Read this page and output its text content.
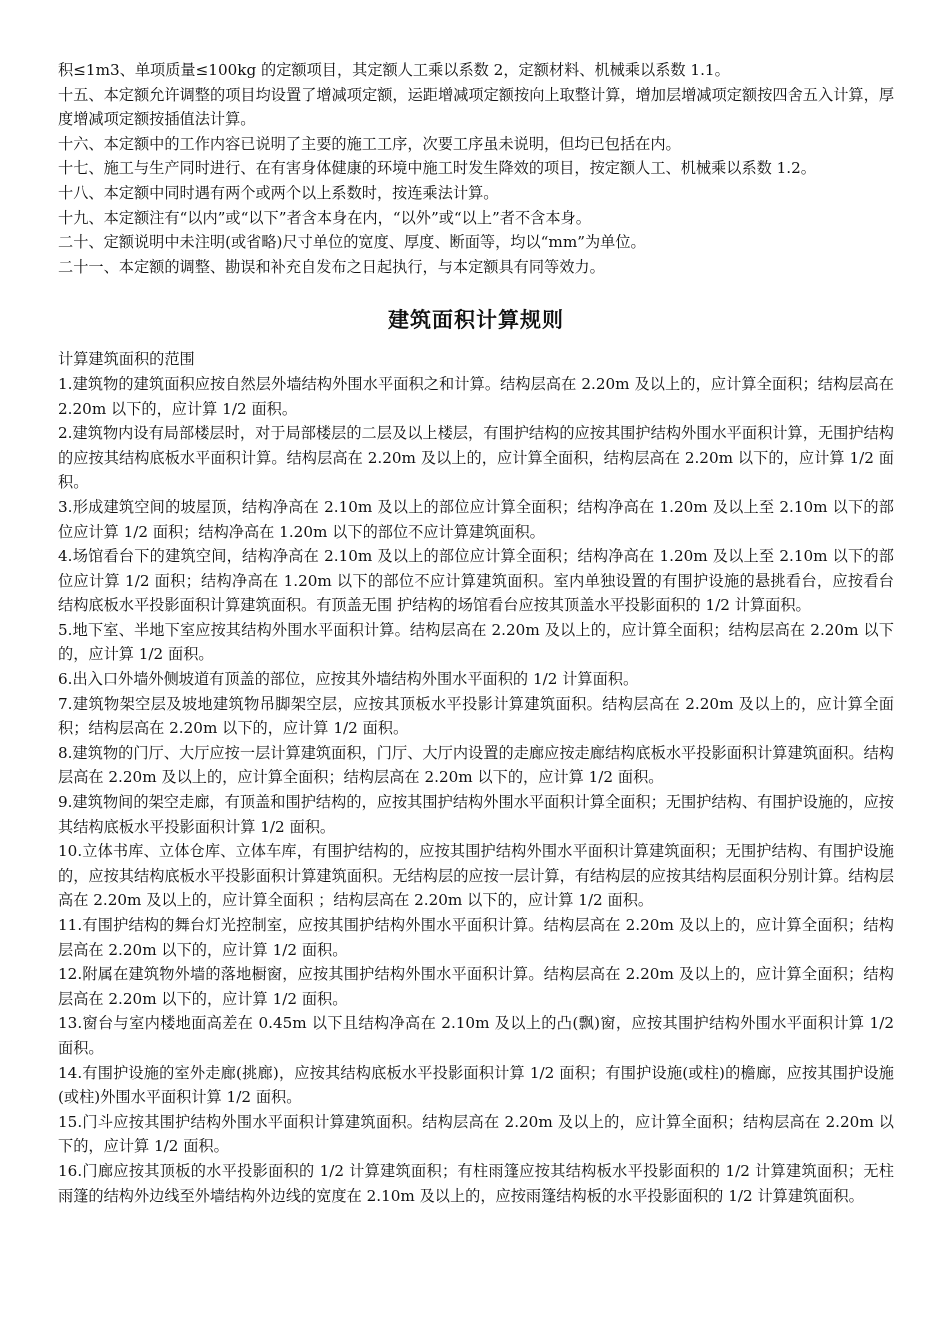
积≤1m3、单项质量≤100kg 的定额项目，其定额人工乘以系数 2，定额材料、机械乘以系数 1.1。

十五、本定额允许调整的项目均设置了增减项定额，运距增减项定额按向上取整计算，增加层增减项定额按四舍五入计算，厚度增减项定额按插值法计算。

十六、本定额中的工作内容已说明了主要的施工工序，次要工序虽未说明，但均已包括在内。

十七、施工与生产同时进行、在有害身体健康的环境中施工时发生降效的项目，按定额人工、机械乘以系数 1.2。

十八、本定额中同时遇有两个或两个以上系数时，按连乘法计算。

十九、本定额注有“以内”或“以下”者含本身在内，“以外”或“以上”者不含本身。

二十、定额说明中未注明(或省略)尺寸单位的宽度、厚度、断面等，均以“mm”为单位。

二十一、本定额的调整、勘误和补充自发布之日起执行，与本定额具有同等效力。

建筑面积计算规则

计算建筑面积的范围

1.建筑物的建筑面积应按自然层外墙结构外围水平面积之和计算。结构层高在 2.20m 及以上的，应计算全面积；结构层高在 2.20m 以下的，应计算 1/2 面积。

2.建筑物内设有局部楼层时，对于局部楼层的二层及以上楼层，有围护结构的应按其围护结构外围水平面积计算，无围护结构的应按其结构底板水平面积计算。结构层高在 2.20m 及以上的，应计算全面积，结构层高在 2.20m 以下的，应计算 1/2 面积。

3.形成建筑空间的坡屋顶，结构净高在 2.10m 及以上的部位应计算全面积；结构净高在 1.20m 及以上至 2.10m 以下的部位应计算 1/2 面积；结构净高在 1.20m 以下的部位不应计算建筑面积。

4.场馆看台下的建筑空间，结构净高在 2.10m 及以上的部位应计算全面积；结构净高在 1.20m 及以上至 2.10m 以下的部位应计算 1/2 面积；结构净高在 1.20m 以下的部位不应计算建筑面积。室内单独设置的有围护设施的悬挑看台，应按看台结构底板水平投影面积计算建筑面积。有顶盖无围 护结构的场馆看台应按其顶盖水平投影面积的 1/2 计算面积。

5.地下室、半地下室应按其结构外围水平面积计算。结构层高在 2.20m 及以上的，应计算全面积；结构层高在 2.20m 以下的，应计算 1/2 面积。

6.出入口外墙外侧坡道有顶盖的部位，应按其外墙结构外围水平面积的 1/2 计算面积。

7.建筑物架空层及坡地建筑物吊脚架空层，应按其顶板水平投影计算建筑面积。结构层高在 2.20m 及以上的，应计算全面积；结构层高在 2.20m 以下的，应计算 1/2 面积。

8.建筑物的门厅、大厅应按一层计算建筑面积，门厅、大厅内设置的走廊应按走廊结构底板水平投影面积计算建筑面积。结构层高在 2.20m 及以上的，应计算全面积；结构层高在 2.20m 以下的，应计算 1/2 面积。

9.建筑物间的架空走廊，有顶盖和围护结构的，应按其围护结构外围水平面积计算全面积；无围护结构、有围护设施的，应按其结构底板水平投影面积计算 1/2 面积。

10.立体书库、立体仓库、立体车库，有围护结构的，应按其围护结构外围水平面积计算建筑面积；无围护结构、有围护设施的，应按其结构底板水平投影面积计算建筑面积。无结构层的应按一层计算，有结构层的应按其结构层面积分别计算。结构层高在 2.20m 及以上的，应计算全面积 ；结构层高在 2.20m 以下的，应计算 1/2 面积。

11.有围护结构的舞台灯光控制室，应按其围护结构外围水平面积计算。结构层高在 2.20m 及以上的，应计算全面积；结构层高在 2.20m 以下的，应计算 1/2 面积。

12.附属在建筑物外墙的落地橱窗，应按其围护结构外围水平面积计算。结构层高在 2.20m 及以上的，应计算全面积；结构层高在 2.20m 以下的，应计算 1/2 面积。

13.窗台与室内楼地面高差在 0.45m 以下且结构净高在 2.10m 及以上的凸(飘)窗，应按其围护结构外围水平面积计算 1/2 面积。

14.有围护设施的室外走廊(挑廊)，应按其结构底板水平投影面积计算 1/2 面积；有围护设施(或柱)的檐廊，应按其围护设施(或柱)外围水平面积计算 1/2 面积。

15.门斗应按其围护结构外围水平面积计算建筑面积。结构层高在 2.20m 及以上的，应计算全面积；结构层高在 2.20m 以下的，应计算 1/2 面积。

16.门廊应按其顶板的水平投影面积的 1/2 计算建筑面积；有柱雨篷应按其结构板水平投影面积的 1/2 计算建筑面积；无柱雨篷的结构外边线至外墙结构外边线的宽度在 2.10m 及以上的，应按雨篷结构板的水平投影面积的 1/2 计算建筑面积。
